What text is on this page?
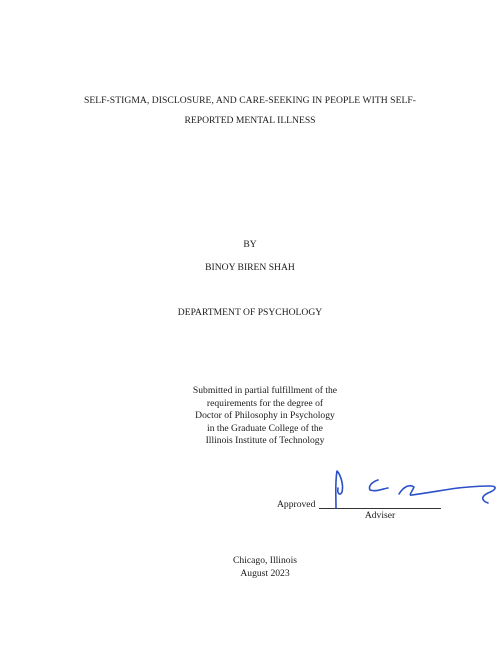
SELF-STIGMA, DISCLOSURE, AND CARE-SEEKING IN PEOPLE WITH SELF-
REPORTED MENTAL ILLNESS
BY
BINOY BIREN SHAH
DEPARTMENT OF PSYCHOLOGY
Submitted in partial fulfillment of the
requirements for the degree of
Doctor of Philosophy in Psychology
in the Graduate College of the
Illinois Institute of Technology
Approved
Adviser
Chicago, Illinois
August 2023
